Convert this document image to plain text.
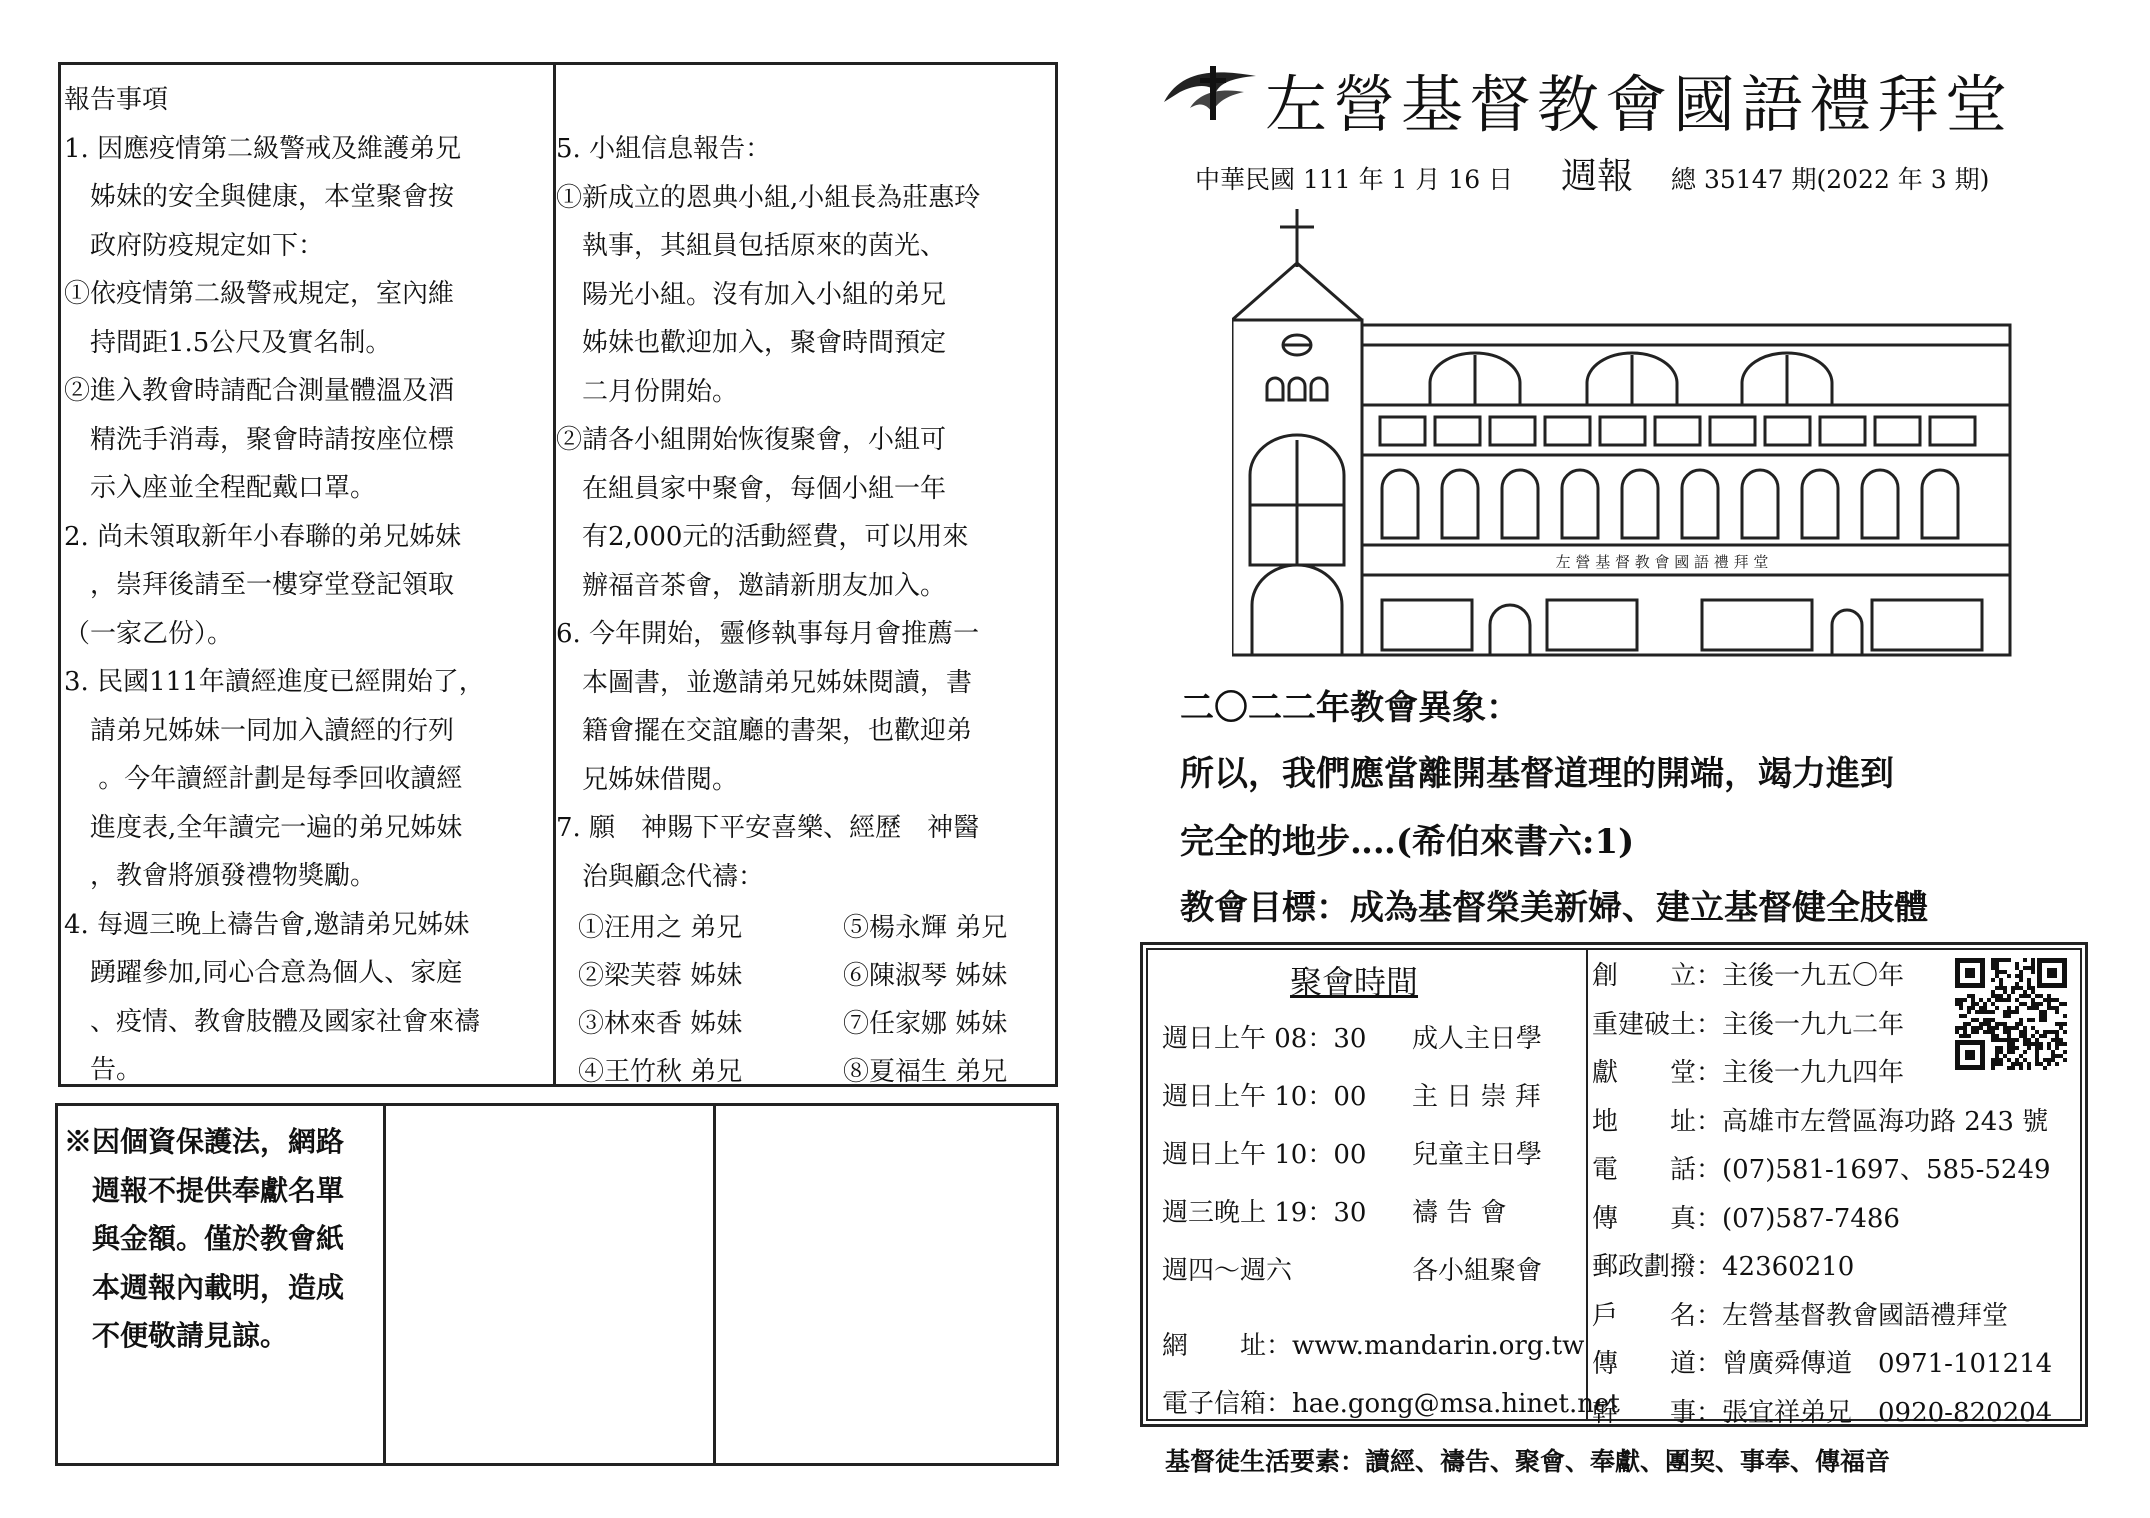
報告事項
1. 因應疫情第二級警戒及維護弟兄
　姊妹的安全與健康，本堂聚會按
　政府防疫規定如下：
①依疫情第二級警戒規定，室內維
　持間距1.5公尺及實名制。
②進入教會時請配合測量體溫及酒
　精洗手消毒，聚會時請按座位標
　示入座並全程配戴口罩。
2. 尚未領取新年小春聯的弟兄姊妹
　，崇拜後請至一樓穿堂登記領取
（一家乙份）。
3. 民國111年讀經進度已經開始了，
　請弟兄姊妹一同加入讀經的行列
　 。今年讀經計劃是每季回收讀經
　進度表,全年讀完一遍的弟兄姊妹
　，教會將頒發禮物獎勵。
4. 每週三晚上禱告會,邀請弟兄姊妹
　踴躍參加,同心合意為個人、家庭
　、疫情、教會肢體及國家社會來禱
　告。
5. 小組信息報告：
①新成立的恩典小組,小組長為莊惠玲
　執事，其組員包括原來的茵光、
　陽光小組。沒有加入小組的弟兄
　姊妹也歡迎加入，聚會時間預定
　二月份開始。
②請各小組開始恢復聚會，小組可
　在組員家中聚會，每個小組一年
　有2,000元的活動經費，可以用來
　辦福音茶會，邀請新朋友加入。
6. 今年開始，靈修執事每月會推薦一
　本圖書，並邀請弟兄姊妹閱讀，書
　籍會擺在交誼廳的書架，也歡迎弟
　兄姊妹借閱。
7. 願　神賜下平安喜樂、經歷　神醫
　治與顧念代禱：
①汪用之 弟兄	⑤楊永輝 弟兄
②梁芙蓉 姊妹	⑥陳淑琴 姊妹
③林來香 姊妹	⑦任家娜 姊妹
④王竹秋 弟兄	⑧夏福生 弟兄
※因個資保護法，網路
　週報不提供奉獻名單
　與金額。僅於教會紙
　本週報內載明，造成
　不便敬請見諒。
左營基督教會國語禮拜堂
中華民國 111 年 1 月 16 日 週報 總 35147 期(2022 年 3 期)
左 營 基 督 教 會 國 語 禮 拜 堂
二〇二二年教會異象：
所以，我們應當離開基督道理的開端，竭力進到
完全的地步‥‥(希伯來書六:1)
教會目標：成為基督榮美新婦、建立基督健全肢體
聚會時間
週日上午 08：30 成人主日學
週日上午 10：00 主 日 崇 拜
週日上午 10：00 兒童主日學
週三晚上 19：30 禱 告 會
週四～週六	各小組聚會
網　　址：www.mandarin.org.tw
電子信箱：hae.gong@msa.hinet.net
創　　立：主後一九五〇年
重建破土：主後一九九二年
獻　　堂：主後一九九四年
地　　址：高雄市左營區海功路 243 號
電　　話：(07)581-1697、585-5249
傳　　真：(07)587-7486
郵政劃撥：42360210
戶　　名：左營基督教會國語禮拜堂
傳　　道：曾廣舜傳道　0971-101214
幹　　事：張宜祥弟兄　0920-820204
基督徒生活要素：讀經、禱告、聚會、奉獻、團契、事奉、傳福音
